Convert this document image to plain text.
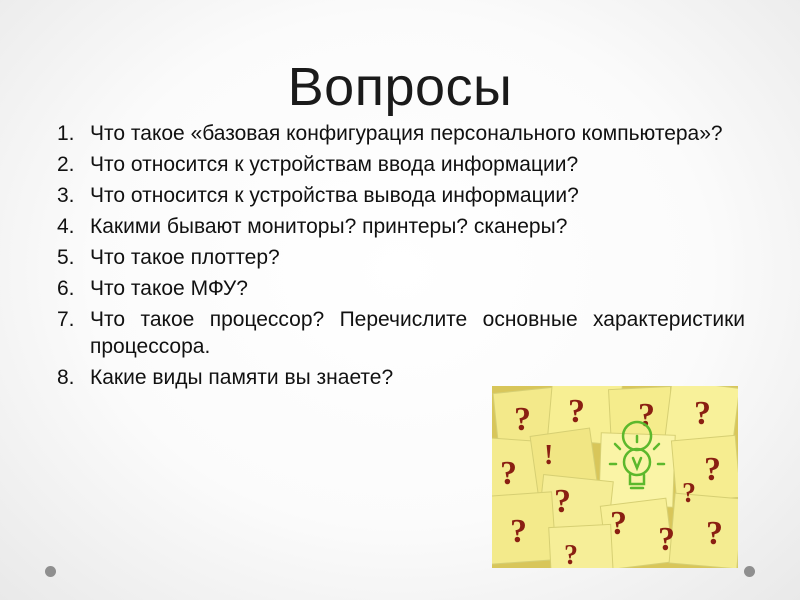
Вопросы
1. Что такое «базовая конфигурация персонального компьютера»?
2. Что относится к устройствам ввода информации?
3. Что относится к устройства вывода информации?
4. Какими бывают мониторы? принтеры? сканеры?
5. Что такое плоттер?
6. Что такое МФУ?
7. Что такое процессор? Перечислите основные характеристики процессора.
8. Какие виды памяти вы знаете?
? ? ? ?
? !	?
?	?
? ? ? ?
?
